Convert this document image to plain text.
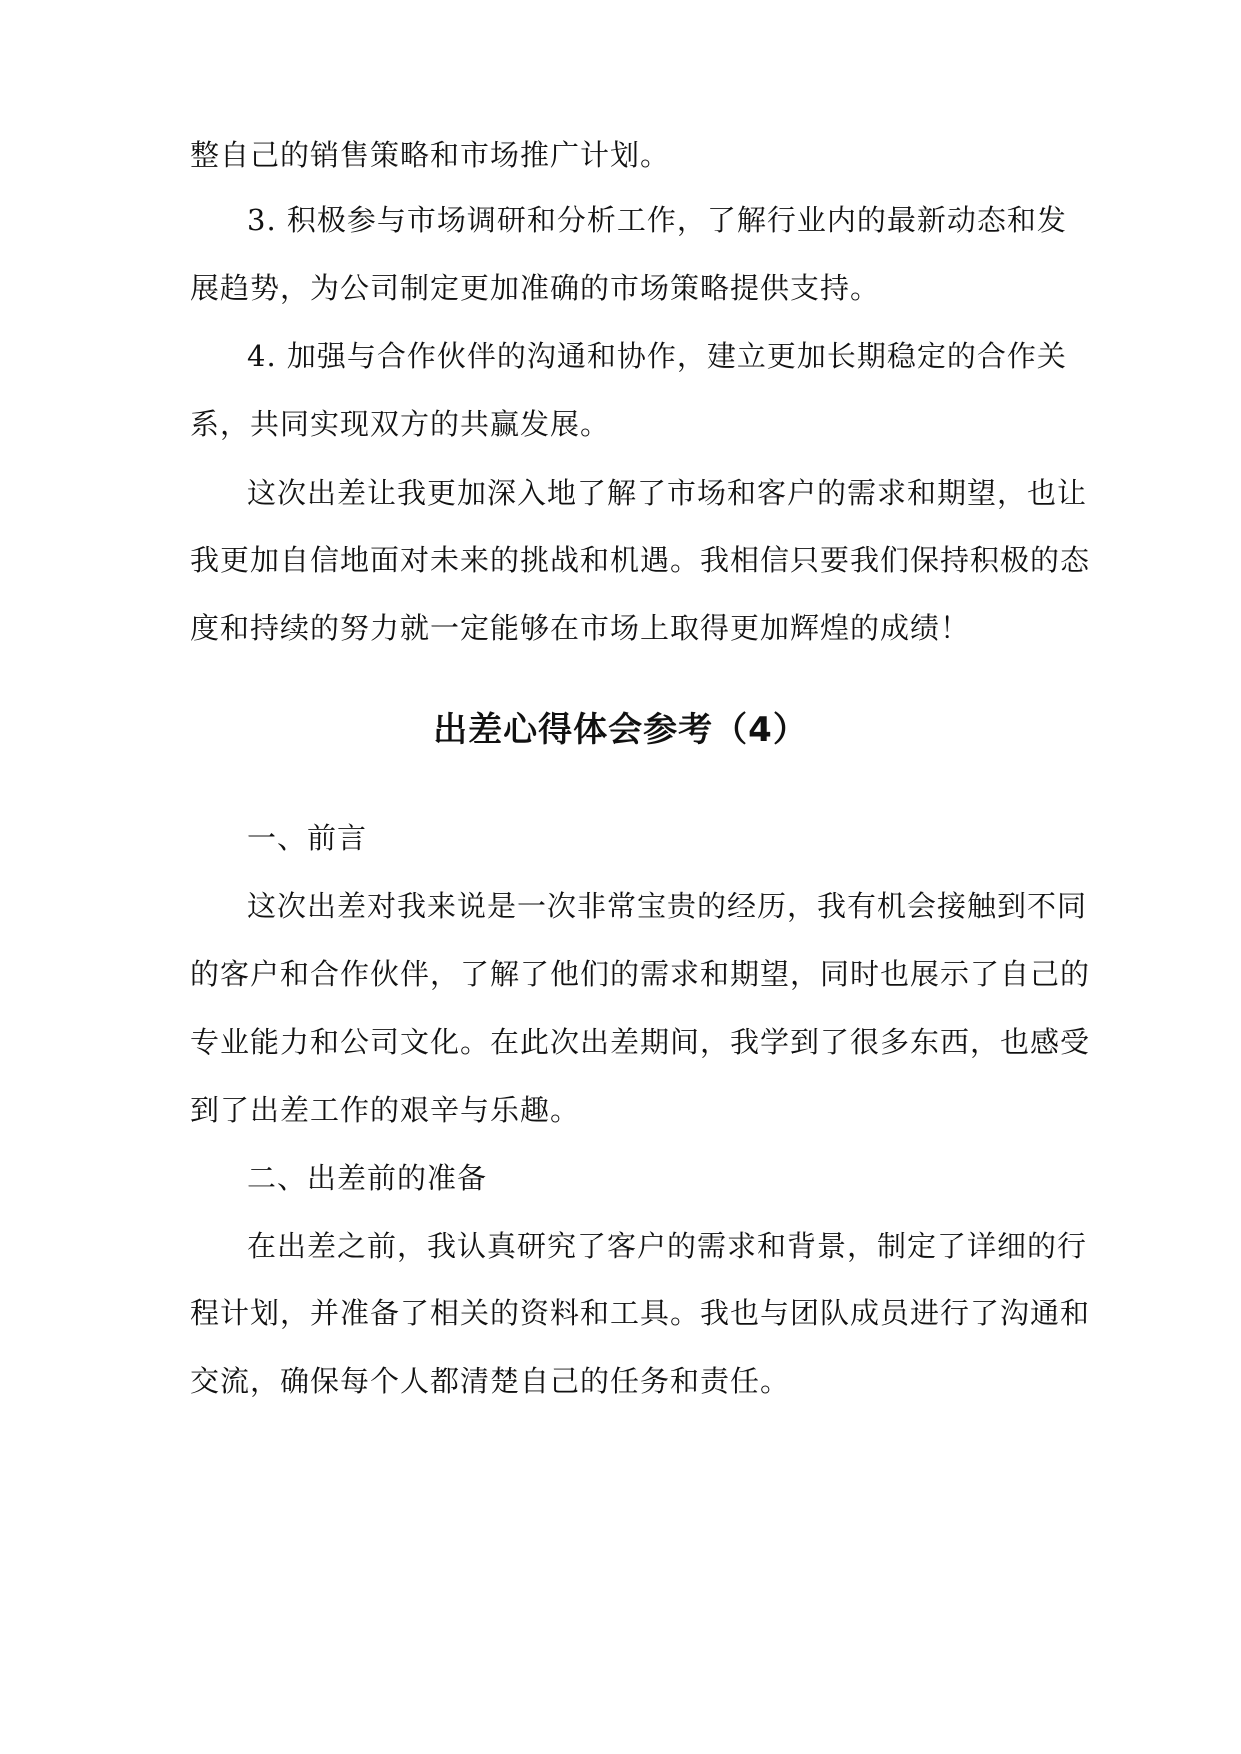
整自己的销售策略和市场推广计划。
3. 积极参与市场调研和分析工作，了解行业内的最新动态和发
展趋势，为公司制定更加准确的市场策略提供支持。
4. 加强与合作伙伴的沟通和协作，建立更加长期稳定的合作关
系，共同实现双方的共赢发展。
这次出差让我更加深入地了解了市场和客户的需求和期望，也让
我更加自信地面对未来的挑战和机遇。我相信只要我们保持积极的态
度和持续的努力就一定能够在市场上取得更加辉煌的成绩！
出差心得体会参考（4）
一、前言
这次出差对我来说是一次非常宝贵的经历，我有机会接触到不同
的客户和合作伙伴，了解了他们的需求和期望，同时也展示了自己的
专业能力和公司文化。在此次出差期间，我学到了很多东西，也感受
到了出差工作的艰辛与乐趣。
二、出差前的准备
在出差之前，我认真研究了客户的需求和背景，制定了详细的行
程计划，并准备了相关的资料和工具。我也与团队成员进行了沟通和
交流，确保每个人都清楚自己的任务和责任。
